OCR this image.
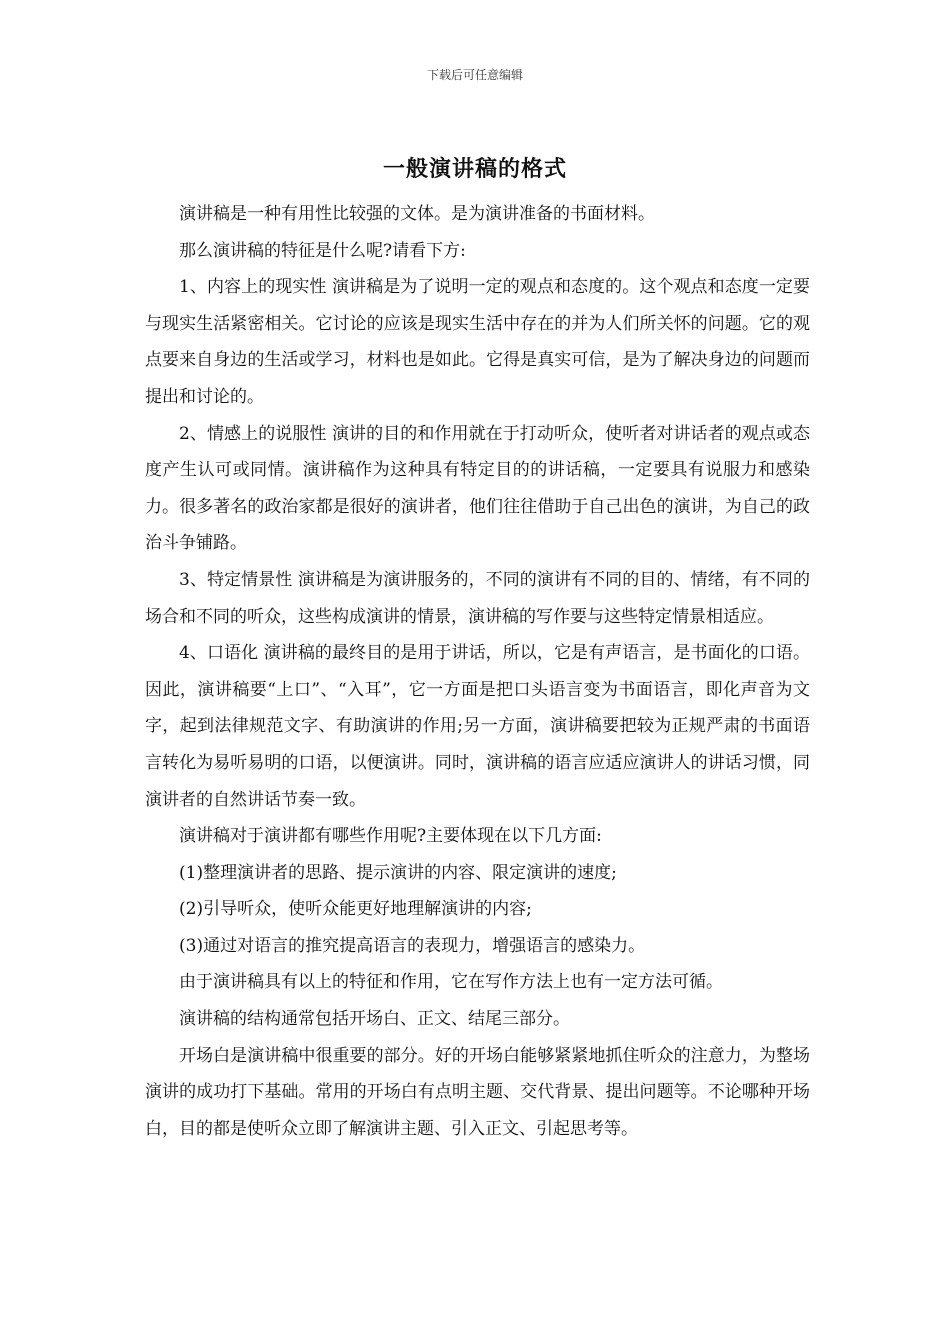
下载后可任意编辑
一般演讲稿的格式

演讲稿是一种有用性比较强的文体。是为演讲准备的书面材料。

那么演讲稿的特征是什么呢?请看下方:

1、内容上的现实性 演讲稿是为了说明一定的观点和态度的。这个观点和态度一定要与现实生活紧密相关。它讨论的应该是现实生活中存在的并为人们所关怀的问题。它的观点要来自身边的生活或学习，材料也是如此。它得是真实可信，是为了解决身边的问题而提出和讨论的。

2、情感上的说服性 演讲的目的和作用就在于打动听众，使听者对讲话者的观点或态度产生认可或同情。演讲稿作为这种具有特定目的的讲话稿，一定要具有说服力和感染力。很多著名的政治家都是很好的演讲者，他们往往借助于自己出色的演讲，为自己的政治斗争铺路。

3、特定情景性 演讲稿是为演讲服务的，不同的演讲有不同的目的、情绪，有不同的场合和不同的听众，这些构成演讲的情景，演讲稿的写作要与这些特定情景相适应。

4、口语化 演讲稿的最终目的是用于讲话，所以，它是有声语言，是书面化的口语。因此，演讲稿要“上口”、“入耳”，它一方面是把口头语言变为书面语言，即化声音为文字，起到法律规范文字、有助演讲的作用;另一方面，演讲稿要把较为正规严肃的书面语言转化为易听易明的口语，以便演讲。同时，演讲稿的语言应适应演讲人的讲话习惯，同演讲者的自然讲话节奏一致。

演讲稿对于演讲都有哪些作用呢?主要体现在以下几方面:

(1)整理演讲者的思路、提示演讲的内容、限定演讲的速度;

(2)引导听众，使听众能更好地理解演讲的内容;

(3)通过对语言的推究提高语言的表现力，增强语言的感染力。

由于演讲稿具有以上的特征和作用，它在写作方法上也有一定方法可循。

演讲稿的结构通常包括开场白、正文、结尾三部分。

开场白是演讲稿中很重要的部分。好的开场白能够紧紧地抓住听众的注意力，为整场演讲的成功打下基础。常用的开场白有点明主题、交代背景、提出问题等。不论哪种开场白，目的都是使听众立即了解演讲主题、引入正文、引起思考等。
